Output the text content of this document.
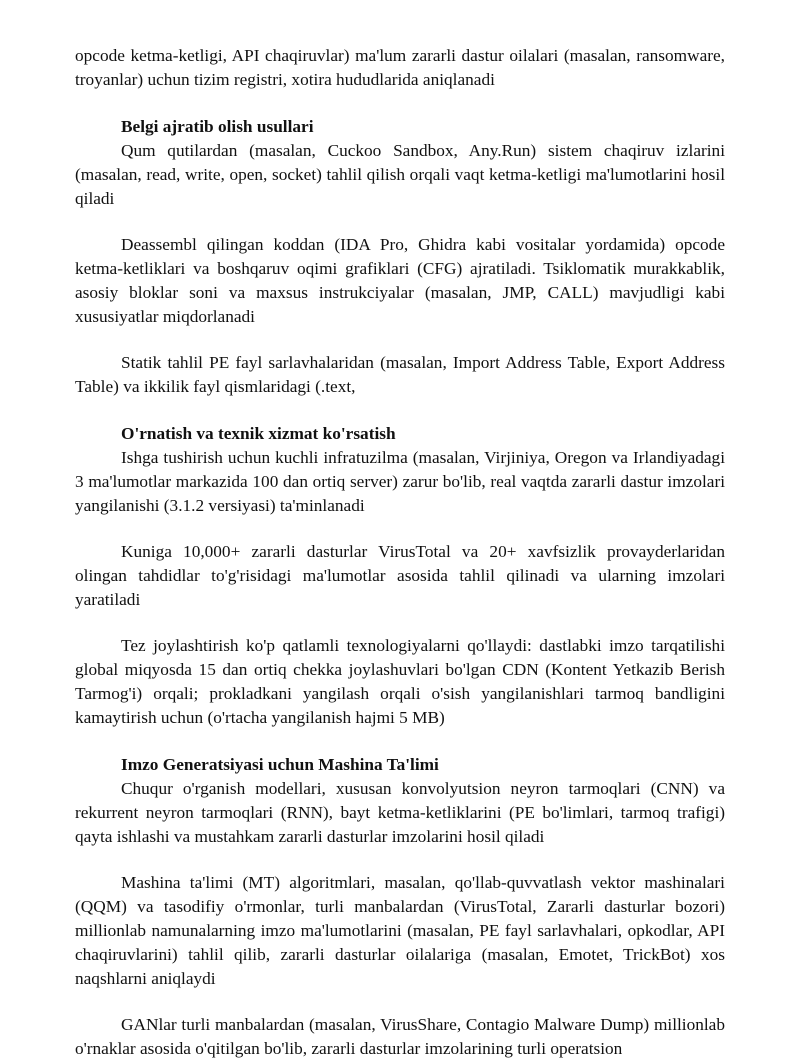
opcode ketma-ketligi, API chaqiruvlar) ma'lum zararli dastur oilalari (masalan, ransomware, troyanlar) uchun tizim registri, xotira hududlarida aniqlanadi

Belgi ajratib olish usullari

Qum qutilardan (masalan, Cuckoo Sandbox, Any.Run) sistem chaqiruv izlarini (masalan, read, write, open, socket) tahlil qilish orqali vaqt ketma-ketligi ma'lumotlarini hosil qiladi

Deassembl qilingan koddan (IDA Pro, Ghidra kabi vositalar yordamida) opcode ketma-ketliklari va boshqaruv oqimi grafiklari (CFG) ajratiladi. Tsiklomatik murakkablik, asosiy bloklar soni va maxsus instrukciyalar (masalan, JMP, CALL) mavjudligi kabi xususiyatlar miqdorlanadi

Statik tahlil PE fayl sarlavhalaridan (masalan, Import Address Table, Export Address Table) va ikkilik fayl qismlaridagi (.text,

O'rnatish va texnik xizmat ko'rsatish

Ishga tushirish uchun kuchli infratuzilma (masalan, Virjiniya, Oregon va Irlandiyadagi 3 ma'lumotlar markazida 100 dan ortiq server) zarur bo'lib, real vaqtda zararli dastur imzolari yangilanishi (3.1.2 versiyasi) ta'minlanadi

Kuniga 10,000+ zararli dasturlar VirusTotal va 20+ xavfsizlik provayderlaridan olingan tahdidlar to'g'risidagi ma'lumotlar asosida tahlil qilinadi va ularning imzolari yaratiladi

Tez joylashtirish ko'p qatlamli texnologiyalarni qo'llaydi: dastlabki imzo tarqatilishi global miqyosda 15 dan ortiq chekka joylashuvlari bo'lgan CDN (Kontent Yetkazib Berish Tarmog'i) orqali; prokladkani yangilash orqali o'sish yangilanishlari tarmoq bandligini kamaytirish uchun (o'rtacha yangilanish hajmi 5 MB)

Imzo Generatsiyasi uchun Mashina Ta'limi

Chuqur o'rganish modellari, xususan konvolyutsion neyron tarmoqlari (CNN) va rekurrent neyron tarmoqlari (RNN), bayt ketma-ketliklarini (PE bo'limlari, tarmoq trafigi) qayta ishlashi va mustahkam zararli dasturlar imzolarini hosil qiladi

Mashina ta'limi (MT) algoritmlari, masalan, qo'llab-quvvatlash vektor mashinalari (QQM) va tasodifiy o'rmonlar, turli manbalardan (VirusTotal, Zararli dasturlar bozori) millionlab namunalarning imzo ma'lumotlarini (masalan, PE fayl sarlavhalari, opkodlar, API chaqiruvlarini) tahlil qilib, zararli dasturlar oilalariga (masalan, Emotet, TrickBot) xos naqshlarni aniqlaydi

GANlar turli manbalardan (masalan, VirusShare, Contagio Malware Dump) millionlab o'rnaklar asosida o'qitilgan bo'lib, zararli dasturlar imzolarining turli operatsion
